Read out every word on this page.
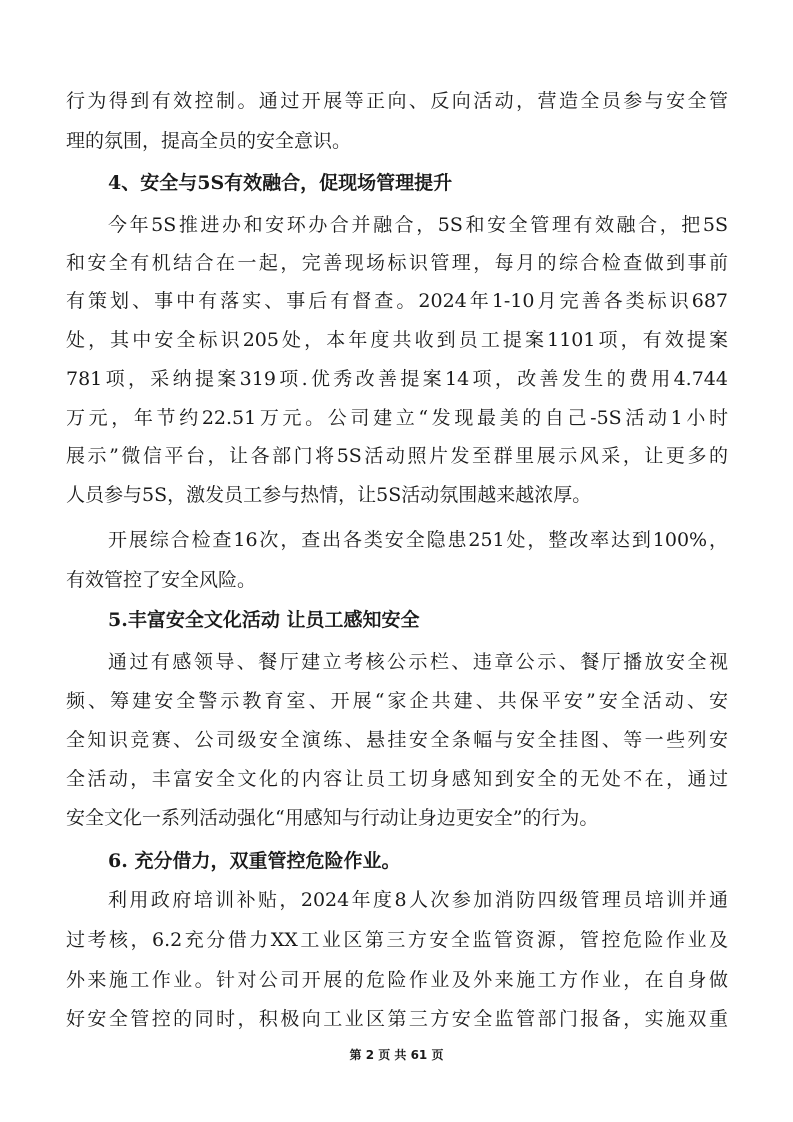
行为得到有效控制。通过开展等正向、反向活动，营造全员参与安全管
理的氛围，提高全员的安全意识。
4、安全与5S有效融合，促现场管理提升
今年5S推进办和安环办合并融合，5S和安全管理有效融合，把5S
和安全有机结合在一起，完善现场标识管理，每月的综合检查做到事前
有策划、事中有落实、事后有督查。2024年1-10月完善各类标识687
处，其中安全标识205处，本年度共收到员工提案1101项，有效提案
781项，采纳提案319项.优秀改善提案14项，改善发生的费用4.744
万元，年节约22.51万元。公司建立“发现最美的自己-5S活动1小时
展示”微信平台，让各部门将5S活动照片发至群里展示风采，让更多的
人员参与5S，激发员工参与热情，让5S活动氛围越来越浓厚。
开展综合检查16次，查出各类安全隐患251处，整改率达到100%，
有效管控了安全风险。
5.丰富安全文化活动 让员工感知安全
通过有感领导、餐厅建立考核公示栏、违章公示、餐厅播放安全视
频、筹建安全警示教育室、开展“家企共建、共保平安”安全活动、安
全知识竞赛、公司级安全演练、悬挂安全条幅与安全挂图、等一些列安
全活动，丰富安全文化的内容让员工切身感知到安全的无处不在，通过
安全文化一系列活动强化“用感知与行动让身边更安全”的行为。
6. 充分借力，双重管控危险作业。
利用政府培训补贴，2024年度8人次参加消防四级管理员培训并通
过考核，6.2充分借力XX工业区第三方安全监管资源，管控危险作业及
外来施工作业。针对公司开展的危险作业及外来施工方作业，在自身做
好安全管控的同时，积极向工业区第三方安全监管部门报备，实施双重
第 2 页 共 61 页
